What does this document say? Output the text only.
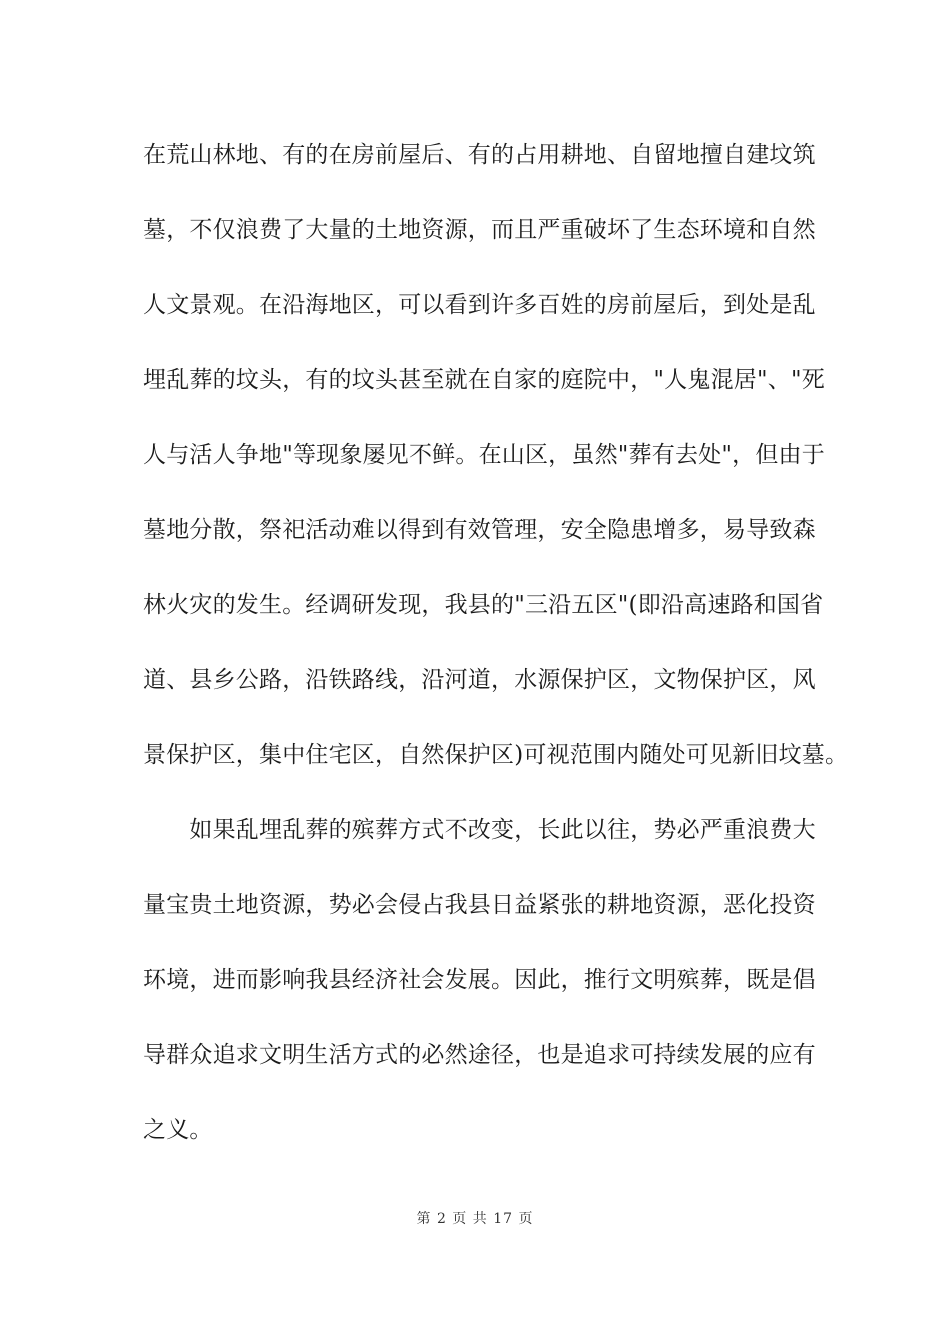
在荒山林地、有的在房前屋后、有的占用耕地、自留地擅自建坟筑
墓，不仅浪费了大量的土地资源，而且严重破坏了生态环境和自然
人文景观。在沿海地区，可以看到许多百姓的房前屋后，到处是乱
埋乱葬的坟头，有的坟头甚至就在自家的庭院中，"人鬼混居"、"死
人与活人争地"等现象屡见不鲜。在山区，虽然"葬有去处"，但由于
墓地分散，祭祀活动难以得到有效管理，安全隐患增多，易导致森
林火灾的发生。经调研发现，我县的"三沿五区"(即沿高速路和国省
道、县乡公路，沿铁路线，沿河道，水源保护区，文物保护区，风
景保护区，集中住宅区，自然保护区)可视范围内随处可见新旧坟墓。
　　如果乱埋乱葬的殡葬方式不改变，长此以往，势必严重浪费大
量宝贵土地资源，势必会侵占我县日益紧张的耕地资源，恶化投资
环境，进而影响我县经济社会发展。因此，推行文明殡葬，既是倡
导群众追求文明生活方式的必然途径，也是追求可持续发展的应有
之义。
第 2 页 共 17 页
